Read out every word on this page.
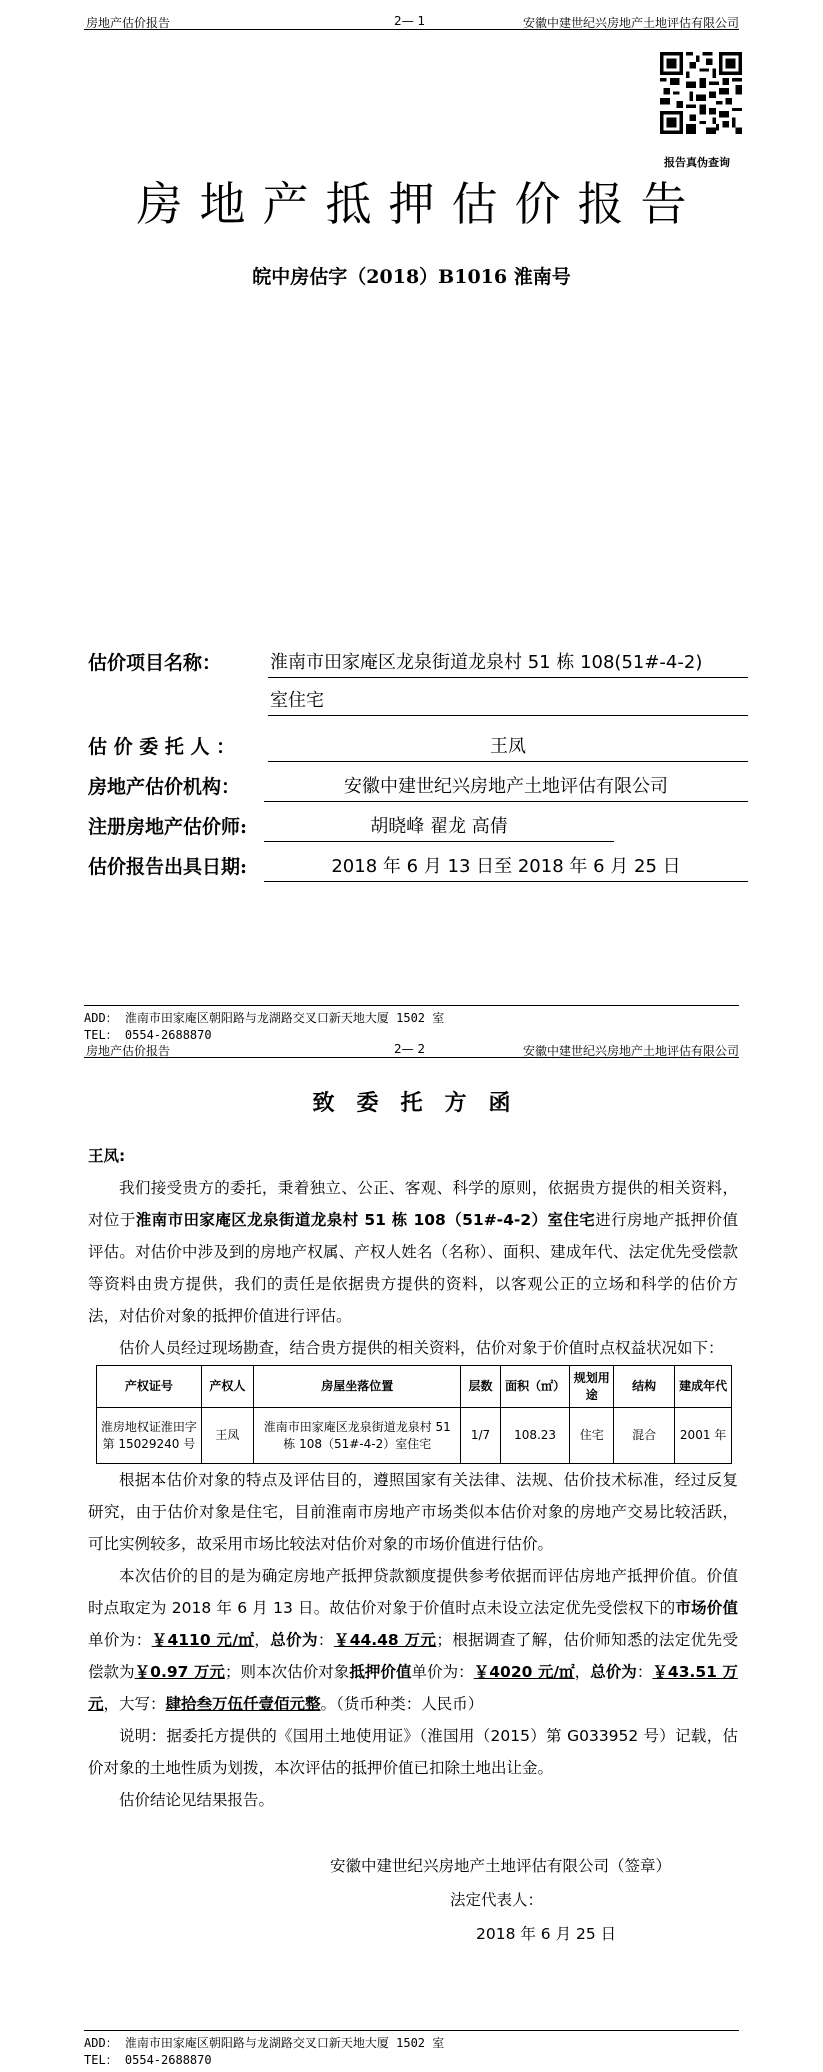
房地产估价报告	2— 1	安徽中建世纪兴房地产土地评估有限公司
报告真伪查询
房地产抵押估价报告
皖中房估字（2018）B1016 淮南号
估价项目名称：	淮南市田家庵区龙泉街道龙泉村 51 栋 108(51#-4-2)
室住宅
估 价 委 托 人 ：	王凤
房地产估价机构：	安徽中建世纪兴房地产土地评估有限公司
注册房地产估价师:	胡晓峰 翟龙 高倩
估价报告出具日期:	2018 年 6 月 13 日至 2018 年 6 月 25 日
ADD： 淮南市田家庵区朝阳路与龙湖路交叉口新天地大厦 1502 室
TEL： 0554-2688870
房地产估价报告	2— 2	安徽中建世纪兴房地产土地评估有限公司
致委托方函

王凤:

我们接受贵方的委托，秉着独立、公正、客观、科学的原则，依据贵方提供的相关资料，对位于淮南市田家庵区龙泉街道龙泉村 51 栋 108（51#-4-2）室住宅进行房地产抵押价值评估。对估价中涉及到的房地产权属、产权人姓名（名称）、面积、建成年代、法定优先受偿款等资料由贵方提供，我们的责任是依据贵方提供的资料，以客观公正的立场和科学的估价方法，对估价对象的抵押价值进行评估。

估价人员经过现场勘查，结合贵方提供的相关资料，估价对象于价值时点权益状况如下：

产权证号	产权人	房屋坐落位置	层数	面积（㎡）	规划用途	结构	建成年代
淮房地权证淮田字第 15029240 号	王凤	淮南市田家庵区龙泉街道龙泉村 51 栋 108（51#-4-2）室住宅	1/7	108.23	住宅	混合	2001 年

根据本估价对象的特点及评估目的，遵照国家有关法律、法规、估价技术标准，经过反复研究，由于估价对象是住宅，目前淮南市房地产市场类似本估价对象的房地产交易比较活跃，可比实例较多，故采用市场比较法对估价对象的市场价值进行估价。

本次估价的目的是为确定房地产抵押贷款额度提供参考依据而评估房地产抵押价值。价值时点取定为 2018 年 6 月 13 日。故估价对象于价值时点未设立法定优先受偿权下的市场价值单价为：￥4110 元/㎡，总价为：￥44.48 万元；根据调查了解，估价师知悉的法定优先受偿款为￥0.97 万元；则本次估价对象抵押价值单价为：￥4020 元/㎡，总价为：￥43.51 万元，大写：肆拾叁万伍仟壹佰元整。（货币种类：人民币）

说明：据委托方提供的《国用土地使用证》（淮国用（2015）第 G033952 号）记载，估价对象的土地性质为划拨，本次评估的抵押价值已扣除土地出让金。

估价结论见结果报告。

安徽中建世纪兴房地产土地评估有限公司（签章）
法定代表人：
2018 年 6 月 25 日
ADD： 淮南市田家庵区朝阳路与龙湖路交叉口新天地大厦 1502 室
TEL： 0554-2688870
